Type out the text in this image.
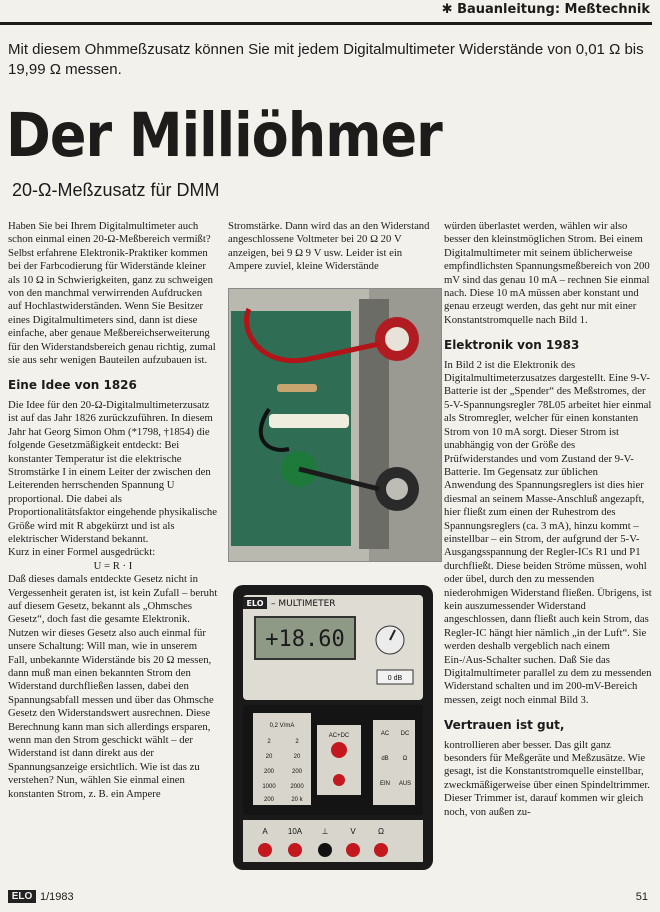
✱ Bauanleitung: Meßtechnik
Mit diesem Ohmmeßzusatz können Sie mit jedem Digitalmultimeter Widerstände von 0,01 Ω bis 19,99 Ω messen.
Der Milliöhmer
20-Ω-Meßzusatz für DMM

Haben Sie bei Ihrem Digitalmultimeter auch schon einmal einen 20-Ω-Meßbereich vermißt? Selbst erfahrene Elektronik-Praktiker kommen bei der Farbcodierung für Widerstände kleiner als 10 Ω in Schwierigkeiten, ganz zu schweigen von den manchmal verwirrenden Aufdrucken auf Hochlastwiderständen. Wenn Sie Besitzer eines Digitalmultimeters sind, dann ist diese einfache, aber genaue Meßbereichserweiterung für den Widerstandsbereich genau richtig, zumal sie aus sehr wenigen Bauteilen aufzubauen ist.

Eine Idee von 1826

Die Idee für den 20-Ω-Digitalmultimeterzusatz ist auf das Jahr 1826 zurückzuführen. In diesem Jahr hat Georg Simon Ohm (*1798, †1854) die folgende Gesetzmäßigkeit entdeckt: Bei konstanter Temperatur ist die elektrische Stromstärke I in einem Leiter der zwischen den Leiterenden herrschenden Spannung U proportional. Die dabei als Proportionalitätsfaktor eingehende physikalische Größe wird mit R abgekürzt und ist als elektrischer Widerstand bekannt.

Kurz in einer Formel ausgedrückt:

U = R · I

Daß dieses damals entdeckte Gesetz nicht in Vergessenheit geraten ist, ist kein Zufall – beruht auf diesem Gesetz, bekannt als „Ohmsches Gesetz“, doch fast die gesamte Elektronik. Nutzen wir dieses Gesetz also auch einmal für unsere Schaltung: Will man, wie in unserem Fall, unbekannte Widerstände bis 20 Ω messen, dann muß man einen bekannten Strom den Widerstand durchfließen lassen, dabei den Spannungsabfall messen und über das Ohmsche Gesetz den Widerstandswert ausrechnen. Diese Berechnung kann man sich allerdings ersparen, wenn man den Strom geschickt wählt – der Widerstand ist dann direkt aus der Spannungsanzeige ersichtlich. Wie ist das zu verstehen? Nun, wählen Sie einmal einen konstanten Strom, z. B. ein Ampere

Stromstärke. Dann wird das an den Widerstand angeschlossene Voltmeter bei 20 Ω 20 V anzeigen, bei 9 Ω 9 V usw. Leider ist ein Ampere zuviel, kleine Widerstände

würden überlastet werden, wählen wir also besser den kleinstmöglichen Strom. Bei einem Digitalmultimeter mit seinem üblicherweise empfindlichsten Spannungsmeßbereich von 200 mV sind das genau 10 mA – rechnen Sie einmal nach. Diese 10 mA müssen aber konstant und genau erzeugt werden, das geht nur mit einer Konstantstromquelle nach Bild 1.

Elektronik von 1983

In Bild 2 ist die Elektronik des Digitalmultimeterzusatzes dargestellt. Eine 9-V-Batterie ist der „Spender“ des Meßstromes, der 5-V-Spannungsregler 78L05 arbeitet hier einmal als Stromregler, welcher für einen konstanten Strom von 10 mA sorgt. Dieser Strom ist unabhängig von der Größe des Prüfwiderstandes und vom Zustand der 9-V-Batterie. Im Gegensatz zur üblichen Anwendung des Spannungsreglers ist dies hier diesmal an seinem Masse-Anschluß angezapft, hier fließt zum einen der Ruhestrom des Spannungsreglers (ca. 3 mA), hinzu kommt – einstellbar – ein Strom, der aufgrund der 5-V-Ausgangsspannung der Regler-ICs R1 und P1 durchfließt. Diese beiden Ströme müssen, wohl oder übel, durch den zu messenden niederohmigen Widerstand fließen. Übrigens, ist kein auszumessender Widerstand angeschlossen, dann fließt auch kein Strom, das Regler-IC hängt hier nämlich „in der Luft“. Sie werden deshalb vergeblich nach einem Ein-/Aus-Schalter suchen. Daß Sie das Digitalmultimeter parallel zu dem zu messenden Widerstand schalten und im 200-mV-Bereich messen, zeigt noch einmal Bild 3.

Vertrauen ist gut,

kontrollieren aber besser. Das gilt ganz besonders für Meßgeräte und Meßzusätze. Wie gesagt, ist die Konstantstromquelle einstellbar, zweckmäßigerweise über einen Spindeltrimmer. Dieser Trimmer ist, darauf kommen wir gleich noch, von außen zu-

ELO – MULTIMETER
+18.60
0 dB
0,2 V/mA
2
20
200
1000
200
2
20
200
2000
20 k
AC+DC	AC DC
dB Ω
EIN AUS
A	10A ⊥	V	Ω
ELO 1/1983	51
